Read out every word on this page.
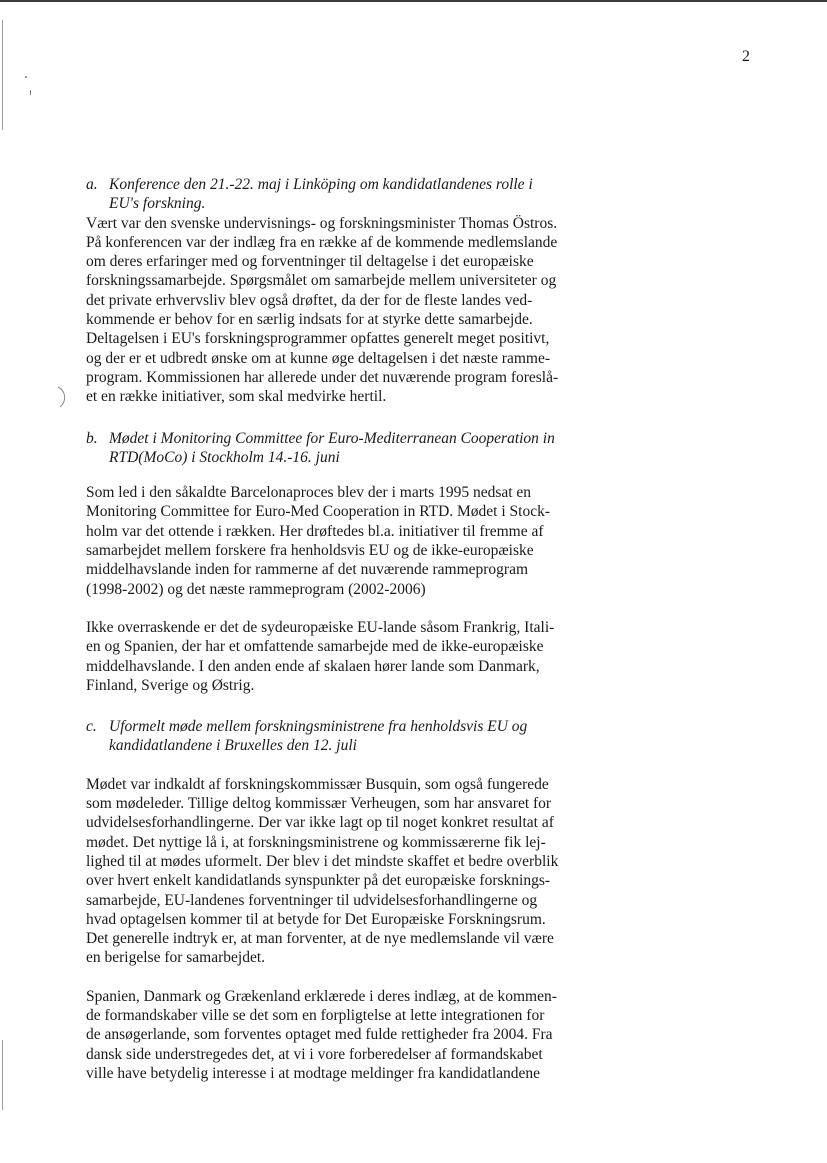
2
a. Konference den 21.-22. maj i Linköping om kandidatlandenes rolle i
EU's forskning.
Vært var den svenske undervisnings- og forskningsminister Thomas Östros.
På konferencen var der indlæg fra en række af de kommende medlemslande
om deres erfaringer med og forventninger til deltagelse i det europæiske
forskningssamarbejde. Spørgsmålet om samarbejde mellem universiteter og
det private erhvervsliv blev også drøftet, da der for de fleste landes ved-
kommende er behov for en særlig indsats for at styrke dette samarbejde.
Deltagelsen i EU's forskningsprogrammer opfattes generelt meget positivt,
og der er et udbredt ønske om at kunne øge deltagelsen i det næste ramme-
program. Kommissionen har allerede under det nuværende program foreslå-
et en række initiativer, som skal medvirke hertil.
b. Mødet i Monitoring Committee for Euro-Mediterranean Cooperation in
RTD(MoCo) i Stockholm 14.-16. juni
Som led i den såkaldte Barcelonaproces blev der i marts 1995 nedsat en
Monitoring Committee for Euro-Med Cooperation in RTD. Mødet i Stock-
holm var det ottende i rækken. Her drøftedes bl.a. initiativer til fremme af
samarbejdet mellem forskere fra henholdsvis EU og de ikke-europæiske
middelhavslande inden for rammerne af det nuværende rammeprogram
(1998-2002) og det næste rammeprogram (2002-2006)
Ikke overraskende er det de sydeuropæiske EU-lande såsom Frankrig, Itali-
en og Spanien, der har et omfattende samarbejde med de ikke-europæiske
middelhavslande. I den anden ende af skalaen hører lande som Danmark,
Finland, Sverige og Østrig.
c. Uformelt møde mellem forskningsministrene fra henholdsvis EU og
kandidatlandene i Bruxelles den 12. juli
Mødet var indkaldt af forskningskommissær Busquin, som også fungerede
som mødeleder. Tillige deltog kommissær Verheugen, som har ansvaret for
udvidelsesforhandlingerne. Der var ikke lagt op til noget konkret resultat af
mødet. Det nyttige lå i, at forskningsministrene og kommissærerne fik lej-
lighed til at mødes uformelt. Der blev i det mindste skaffet et bedre overblik
over hvert enkelt kandidatlands synspunkter på det europæiske forsknings-
samarbejde, EU-landenes forventninger til udvidelsesforhandlingerne og
hvad optagelsen kommer til at betyde for Det Europæiske Forskningsrum.
Det generelle indtryk er, at man forventer, at de nye medlemslande vil være
en berigelse for samarbejdet.
Spanien, Danmark og Grækenland erklærede i deres indlæg, at de kommen-
de formandskaber ville se det som en forpligtelse at lette integrationen for
de ansøgerlande, som forventes optaget med fulde rettigheder fra 2004. Fra
dansk side understregedes det, at vi i vore forberedelser af formandskabet
ville have betydelig interesse i at modtage meldinger fra kandidatlandene
